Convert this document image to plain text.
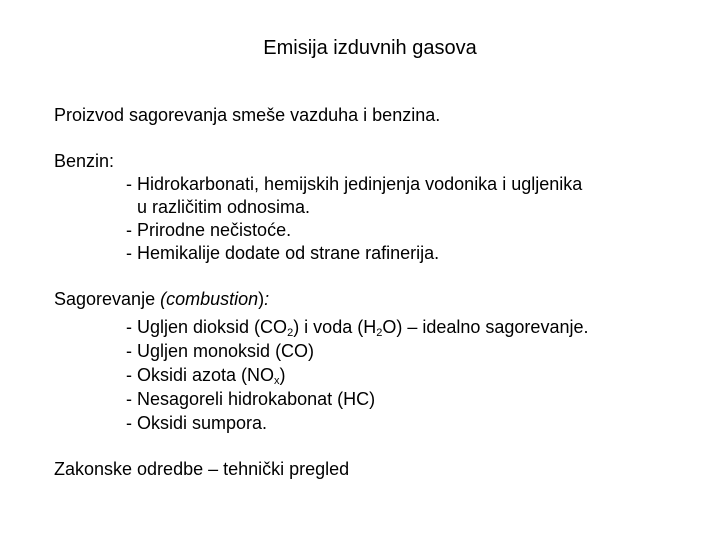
Emisija izduvnih gasova
Proizvod sagorevanja smeše vazduha i benzina.
Benzin:
- Hidrokarbonati, hemijskih jedinjenja vodonika i ugljenika
u različitim odnosima.
- Prirodne nečistoće.
- Hemikalije dodate od strane rafinerija.
Sagorevanje (combustion):
- Ugljen dioksid $(CO_2)$ i voda $(H_2O)$ – idealno sagorevanje.
- Ugljen monoksid (CO)
- Oksidi azota $(NO_x)$
- Nesagoreli hidrokabonat (HC)
- Oksidi sumpora.
Zakonske odredbe – tehnički pregled
